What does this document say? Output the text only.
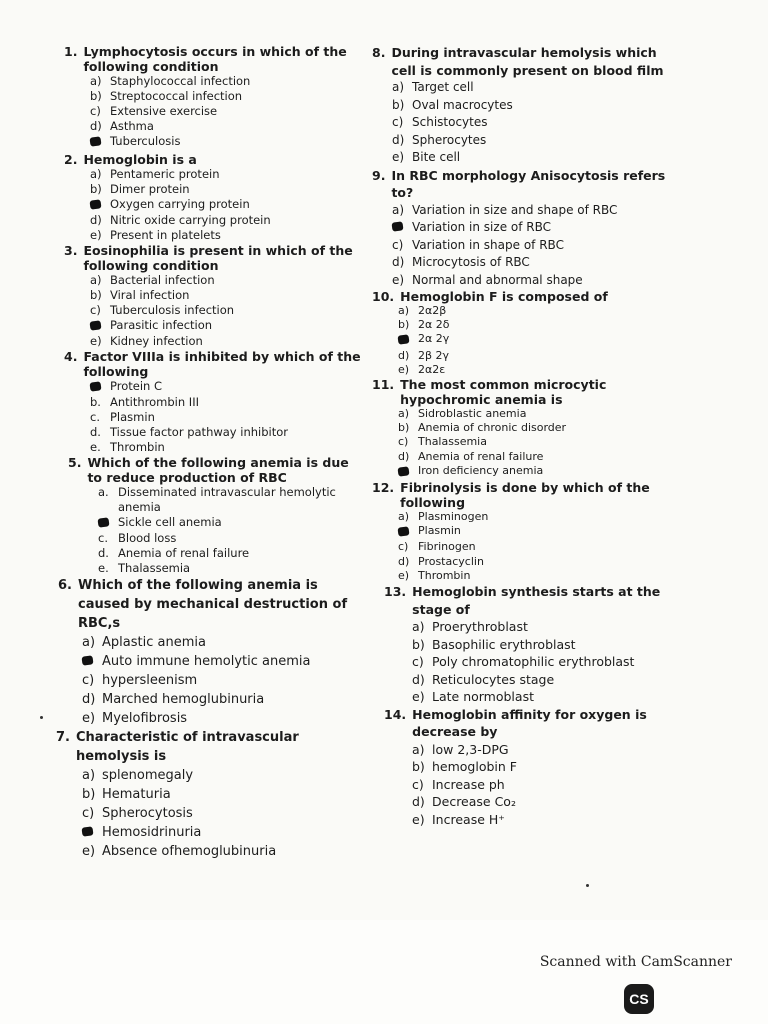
1. Lymphocytosis occurs in which of the following condition
a) Staphylococcal infection
b) Streptococcal infection
c) Extensive exercise
d) Asthma
Tuberculosis
2. Hemoglobin is a
a) Pentameric protein
b) Dimer protein
Oxygen carrying protein
d) Nitric oxide carrying protein
e) Present in platelets
3. Eosinophilia is present in which of the following condition
a) Bacterial infection
b) Viral infection
c) Tuberculosis infection
Parasitic infection
e) Kidney infection
4. Factor VIIIa is inhibited by which of the following
Protein C
b. Antithrombin III
c. Plasmin
d. Tissue factor pathway inhibitor
e. Thrombin
5. Which of the following anemia is due to reduce production of RBC
a. Disseminated intravascular hemolytic anemia
Sickle cell anemia
c. Blood loss
d. Anemia of renal failure
e. Thalassemia
6. Which of the following anemia is caused by mechanical destruction of RBC,s
a) Aplastic anemia
Auto immune hemolytic anemia
c) hypersleenism
d) Marched hemoglubinuria
e) Myelofibrosis
7. Characteristic of intravascular hemolysis is
a) splenomegaly
b) Hematuria
c) Spherocytosis
Hemosidrinuria
e) Absence ofhemoglubinuria
8. During intravascular hemolysis which cell is commonly present on blood film
a) Target cell
b) Oval macrocytes
c) Schistocytes
d) Spherocytes
e) Bite cell
9. In RBC morphology Anisocytosis refers to?
a) Variation in size and shape of RBC
Variation in size of RBC
c) Variation in shape of RBC
d) Microcytosis of RBC
e) Normal and abnormal shape
10. Hemoglobin F is composed of
a) 2α2β
b) 2α 2δ
2α 2γ
d) 2β 2γ
e) 2α2ε
11. The most common microcytic hypochromic anemia is
a) Sidroblastic anemia
b) Anemia of chronic disorder
c) Thalassemia
d) Anemia of renal failure
Iron deficiency anemia
12. Fibrinolysis is done by which of the following
a) Plasminogen
Plasmin
c) Fibrinogen
d) Prostacyclin
e) Thrombin
13. Hemoglobin synthesis starts at the stage of
a) Proerythroblast
b) Basophilic erythroblast
c) Poly chromatophilic erythroblast
d) Reticulocytes stage
e) Late normoblast
14. Hemoglobin affinity for oxygen is decrease by
a) low 2,3-DPG
b) hemoglobin F
c) Increase ph
d) Decrease Co₂
e) Increase H⁺
Scanned with CamScanner
CS
